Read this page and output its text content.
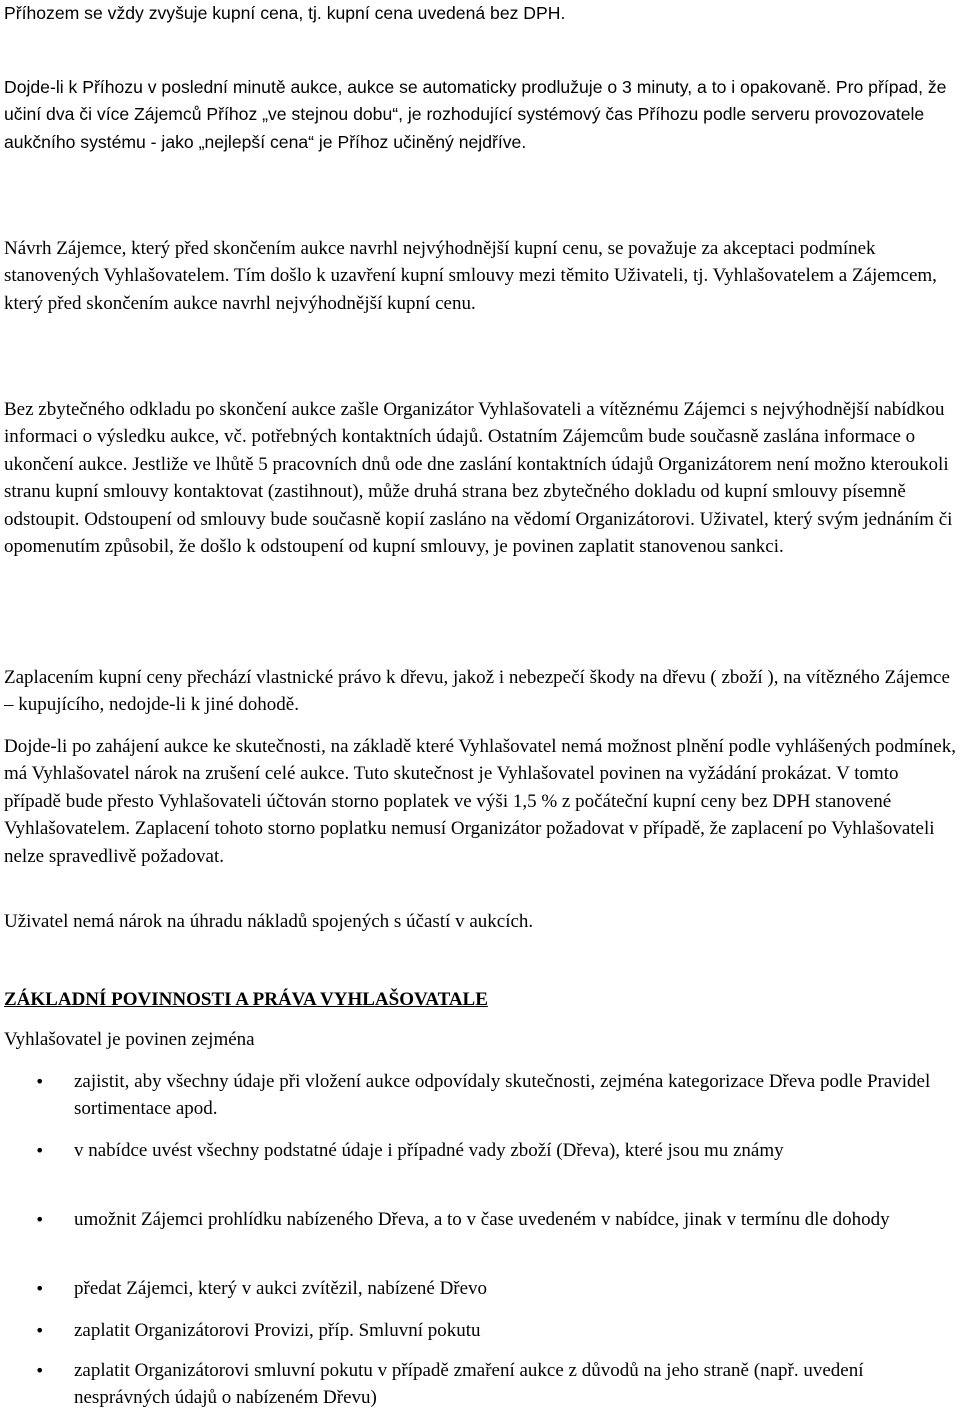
Příhozem se vždy zvyšuje kupní cena, tj. kupní cena uvedená bez DPH.

Dojde-li k Příhozu v poslední minutě aukce, aukce se automaticky prodlužuje o 3 minuty, a to i opakovaně. Pro případ, že učiní dva či více Zájemců Příhoz „ve stejnou dobu“, je rozhodující systémový čas Příhozu podle serveru provozovatele aukčního systému - jako „nejlepší cena“ je Příhoz učiněný nejdříve.

Návrh Zájemce, který před skončením aukce navrhl nejvýhodnější kupní cenu, se považuje za akceptaci podmínek stanovených Vyhlašovatelem. Tím došlo k uzavření kupní smlouvy mezi těmito Uživateli, tj. Vyhlašovatelem a Zájemcem, který před skončením aukce navrhl nejvýhodnější kupní cenu.

Bez zbytečného odkladu po skončení aukce zašle Organizátor Vyhlašovateli a vítěznému Zájemci s nejvýhodnější nabídkou informaci o výsledku aukce, vč. potřebných kontaktních údajů. Ostatním Zájemcům bude současně zaslána informace o ukončení aukce. Jestliže ve lhůtě 5 pracovních dnů ode dne zaslání kontaktních údajů Organizátorem není možno kteroukoli stranu kupní smlouvy kontaktovat (zastihnout), může druhá strana bez zbytečného dokladu od kupní smlouvy písemně odstoupit. Odstoupení od smlouvy bude současně kopií zasláno na vědomí Organizátorovi. Uživatel, který svým jednáním či opomenutím způsobil, že došlo k odstoupení od kupní smlouvy, je povinen zaplatit stanovenou sankci.

Zaplacením kupní ceny přechází vlastnické právo k dřevu, jakož i nebezpečí škody na dřevu ( zboží ), na vítězného Zájemce – kupujícího, nedojde-li k jiné dohodě.

Dojde-li po zahájení aukce ke skutečnosti, na základě které Vyhlašovatel nemá možnost plnění podle vyhlášených podmínek, má Vyhlašovatel nárok na zrušení celé aukce. Tuto skutečnost je Vyhlašovatel povinen na vyžádání prokázat. V tomto případě bude přesto Vyhlašovateli účtován storno poplatek ve výši 1,5 % z počáteční kupní ceny bez DPH stanovené Vyhlašovatelem. Zaplacení tohoto storno poplatku nemusí Organizátor požadovat v případě, že zaplacení po Vyhlašovateli nelze spravedlivě požadovat.

Uživatel nemá nárok na úhradu nákladů spojených s účastí v aukcích.

ZÁKLADNÍ POVINNOSTI A PRÁVA VYHLAŠOVATALE

Vyhlašovatel je povinen zejména

• zajistit, aby všechny údaje při vložení aukce odpovídaly skutečnosti, zejména kategorizace Dřeva podle Pravidel sortimentace apod.
• v nabídce uvést všechny podstatné údaje i případné vady zboží (Dřeva), které jsou mu známy
• umožnit Zájemci prohlídku nabízeného Dřeva, a to v čase uvedeném v nabídce, jinak v termínu dle dohody
• předat Zájemci, který v aukci zvítězil, nabízené Dřevo
• zaplatit Organizátorovi Provizi, příp. Smluvní pokutu
• zaplatit Organizátorovi smluvní pokutu v případě zmaření aukce z důvodů na jeho straně (např. uvedení nesprávných údajů o nabízeném Dřevu)
